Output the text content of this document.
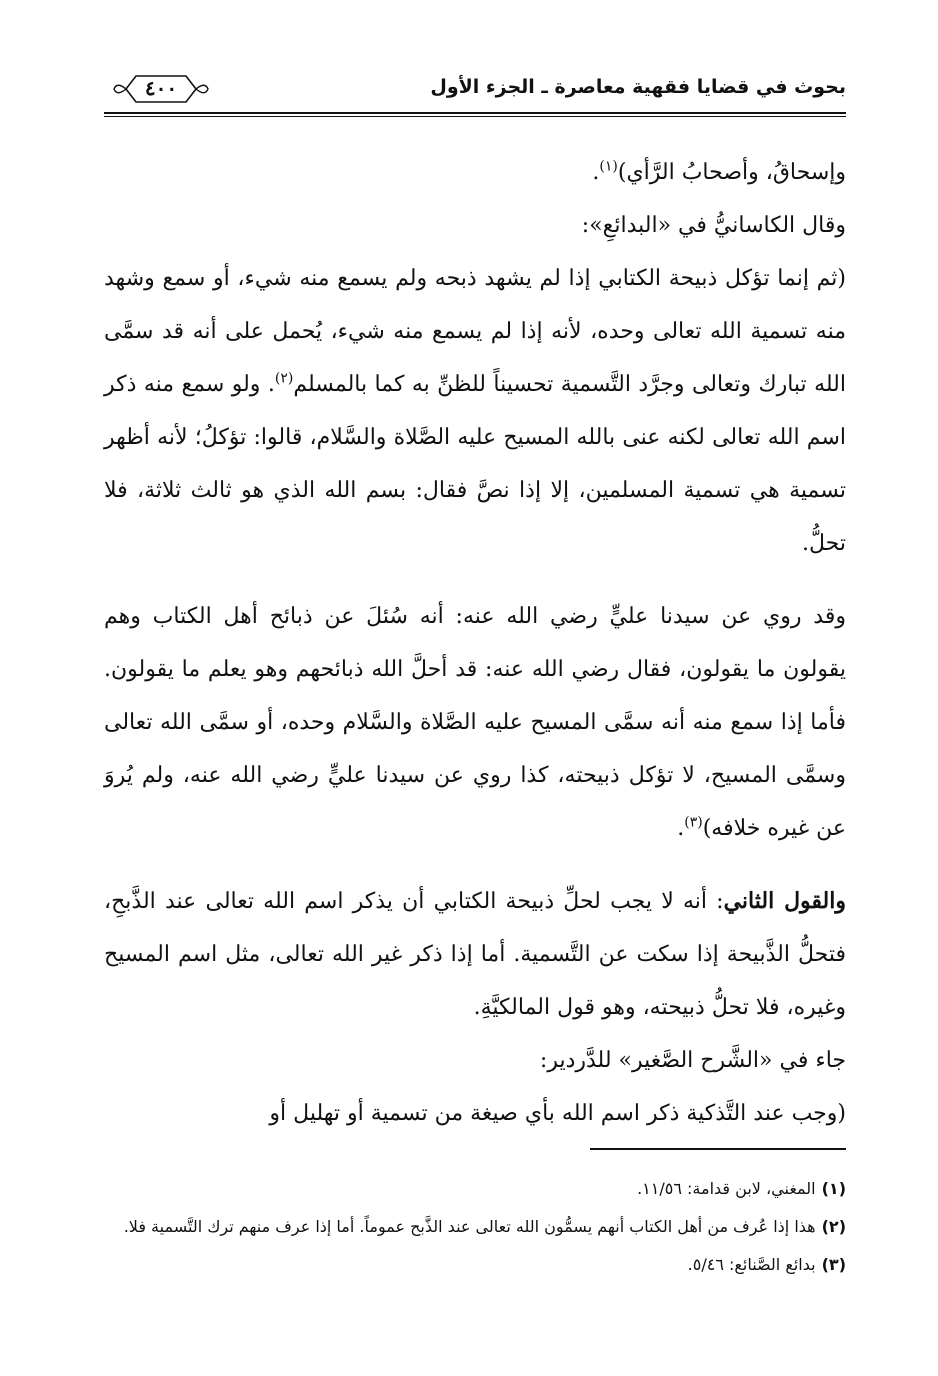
بحوث في قضايا فقهية معاصرة ـ الجزء الأول
٤٠٠

وإسحاقُ، وأصحابُ الرَّأي)$^{(١)}$.

وقال الكاسانيُّ في «البدائعِ»:

(ثم إنما تؤكل ذبيحة الكتابي إذا لم يشهد ذبحه ولم يسمع منه شيء، أو سمع وشهد منه تسمية الله تعالى وحده، لأنه إذا لم يسمع منه شيء، يُحمل على أنه قد سمَّى الله تبارك وتعالى وجرَّد التَّسمية تحسيناً للظنِّ به كما بالمسلم$^{(٢)}$. ولو سمع منه ذكر اسم الله تعالى لكنه عنى بالله المسيح عليه الصَّلاة والسَّلام، قالوا: تؤكلُ؛ لأنه أظهر تسمية هي تسمية المسلمين، إلا إذا نصَّ فقال: بسم الله الذي هو ثالث ثلاثة، فلا تحلُّ.

وقد روي عن سيدنا عليٍّ رضي الله عنه: أنه سُئلَ عن ذبائح أهل الكتاب وهم يقولون ما يقولون، فقال رضي الله عنه: قد أحلَّ الله ذبائحهم وهو يعلم ما يقولون. فأما إذا سمع منه أنه سمَّى المسيح عليه الصَّلاة والسَّلام وحده، أو سمَّى الله تعالى وسمَّى المسيح، لا تؤكل ذبيحته، كذا روي عن سيدنا عليٍّ رضي الله عنه، ولم يُروَ عن غيره خلافه)$^{(٣)}$.

والقول الثاني: أنه لا يجب لحلِّ ذبيحة الكتابي أن يذكر اسم الله تعالى عند الذَّبحِ، فتحلُّ الذَّبيحة إذا سكت عن التَّسمية. أما إذا ذكر غير الله تعالى، مثل اسم المسيح وغيره، فلا تحلُّ ذبيحته، وهو قول المالكيَّةِ.

جاء في «الشَّرح الصَّغير» للدَّردير:

(وجب عند التَّذكية ذكر اسم الله بأي صيغة من تسمية أو تهليل أو

(١)المغني، لابن قدامة: ١١/٥٦.

(٢)هذا إذا عُرف من أهل الكتاب أنهم يسمُّون الله تعالى عند الذَّبح عموماً. أما إذا عرف منهم ترك التَّسمية فلا.

(٣)بدائع الصَّنائع: ٥/٤٦.
